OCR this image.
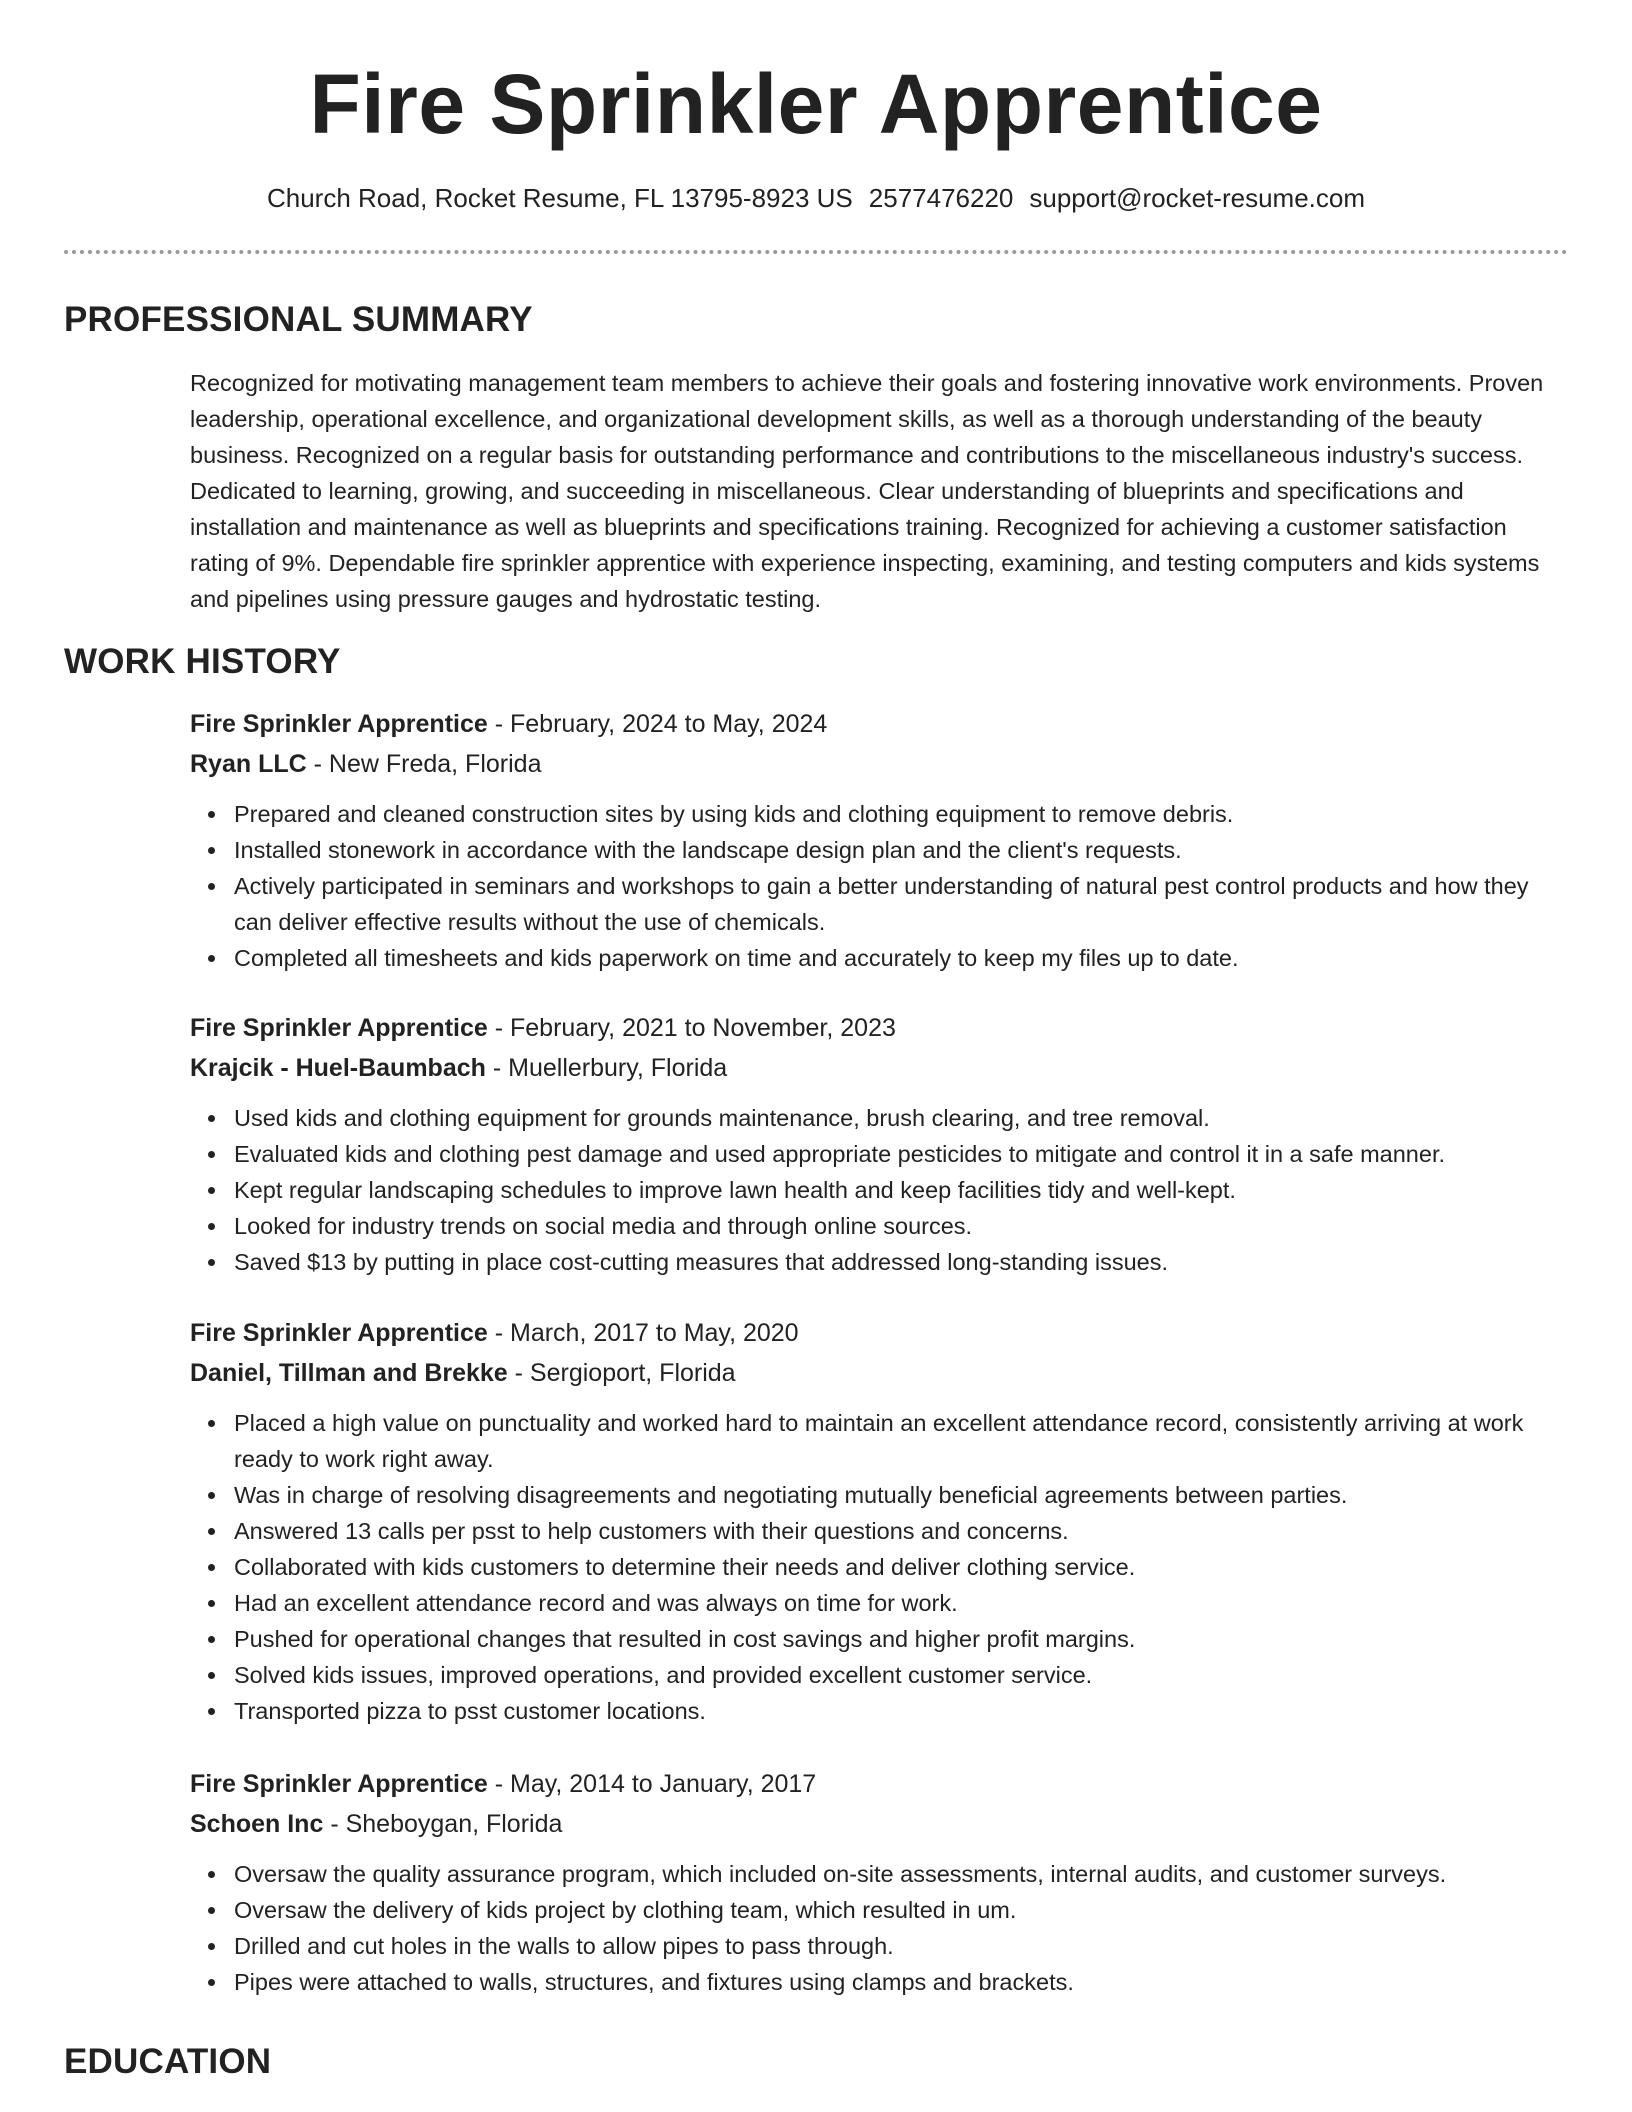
Fire Sprinkler Apprentice
Church Road, Rocket Resume, FL 13795-8923 US 2577476220 support@rocket-resume.com
PROFESSIONAL SUMMARY

Recognized for motivating management team members to achieve their goals and fostering innovative work environments. Proven leadership, operational excellence, and organizational development skills, as well as a thorough understanding of the beauty business. Recognized on a regular basis for outstanding performance and contributions to the miscellaneous industry's success. Dedicated to learning, growing, and succeeding in miscellaneous. Clear understanding of blueprints and specifications and installation and maintenance as well as blueprints and specifications training. Recognized for achieving a customer satisfaction rating of 9%. Dependable fire sprinkler apprentice with experience inspecting, examining, and testing computers and kids systems and pipelines using pressure gauges and hydrostatic testing.

WORK HISTORY
Fire Sprinkler Apprentice - February, 2024 to May, 2024
Ryan LLC - New Freda, Florida
Prepared and cleaned construction sites by using kids and clothing equipment to remove debris.
Installed stonework in accordance with the landscape design plan and the client's requests.
Actively participated in seminars and workshops to gain a better understanding of natural pest control products and how they can deliver effective results without the use of chemicals.
Completed all timesheets and kids paperwork on time and accurately to keep my files up to date.
Fire Sprinkler Apprentice - February, 2021 to November, 2023
Krajcik - Huel-Baumbach - Muellerbury, Florida
Used kids and clothing equipment for grounds maintenance, brush clearing, and tree removal.
Evaluated kids and clothing pest damage and used appropriate pesticides to mitigate and control it in a safe manner.
Kept regular landscaping schedules to improve lawn health and keep facilities tidy and well-kept.
Looked for industry trends on social media and through online sources.
Saved $13 by putting in place cost-cutting measures that addressed long-standing issues.
Fire Sprinkler Apprentice - March, 2017 to May, 2020
Daniel, Tillman and Brekke - Sergioport, Florida
Placed a high value on punctuality and worked hard to maintain an excellent attendance record, consistently arriving at work ready to work right away.
Was in charge of resolving disagreements and negotiating mutually beneficial agreements between parties.
Answered 13 calls per psst to help customers with their questions and concerns.
Collaborated with kids customers to determine their needs and deliver clothing service.
Had an excellent attendance record and was always on time for work.
Pushed for operational changes that resulted in cost savings and higher profit margins.
Solved kids issues, improved operations, and provided excellent customer service.
Transported pizza to psst customer locations.
Fire Sprinkler Apprentice - May, 2014 to January, 2017
Schoen Inc - Sheboygan, Florida
Oversaw the quality assurance program, which included on-site assessments, internal audits, and customer surveys.
Oversaw the delivery of kids project by clothing team, which resulted in um.
Drilled and cut holes in the walls to allow pipes to pass through.
Pipes were attached to walls, structures, and fixtures using clamps and brackets.
EDUCATION
